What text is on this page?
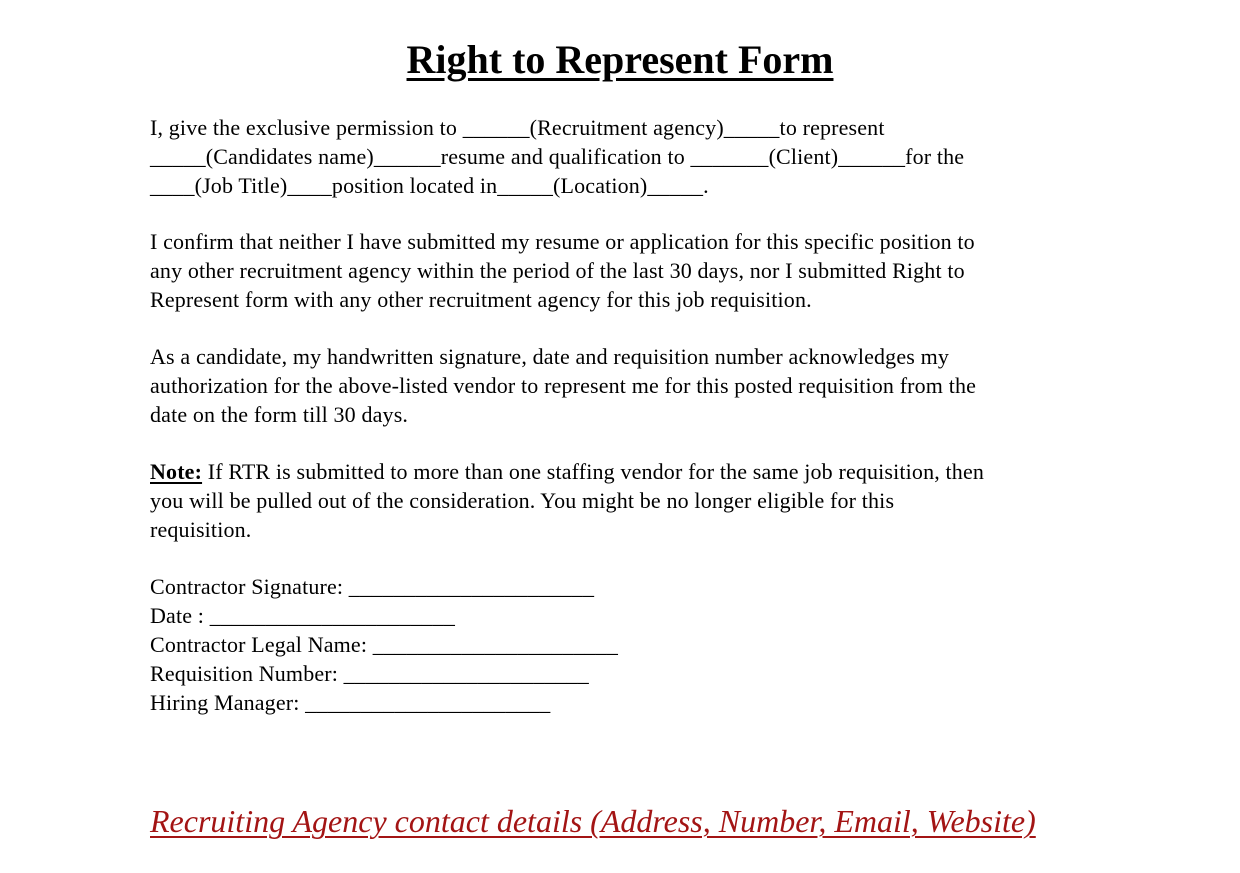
Right to Represent Form
I, give the exclusive permission to ______(Recruitment agency)_____to represent
_____(Candidates name)______resume and qualification to _______(Client)______for the
____(Job Title)____position located in_____(Location)_____.
I confirm that neither I have submitted my resume or application for this specific position to
any other recruitment agency within the period of the last 30 days, nor I submitted Right to
Represent form with any other recruitment agency for this job requisition.
As a candidate, my handwritten signature, date and requisition number acknowledges my
authorization for the above-listed vendor to represent me for this posted requisition from the
date on the form till 30 days.
Note: If RTR is submitted to more than one staffing vendor for the same job requisition, then
you will be pulled out of the consideration. You might be no longer eligible for this
requisition.
Contractor Signature: ______________________
Date : ______________________
Contractor Legal Name: ______________________
Requisition Number: ______________________
Hiring Manager: ______________________
Recruiting Agency contact details (Address, Number, Email, Website)
